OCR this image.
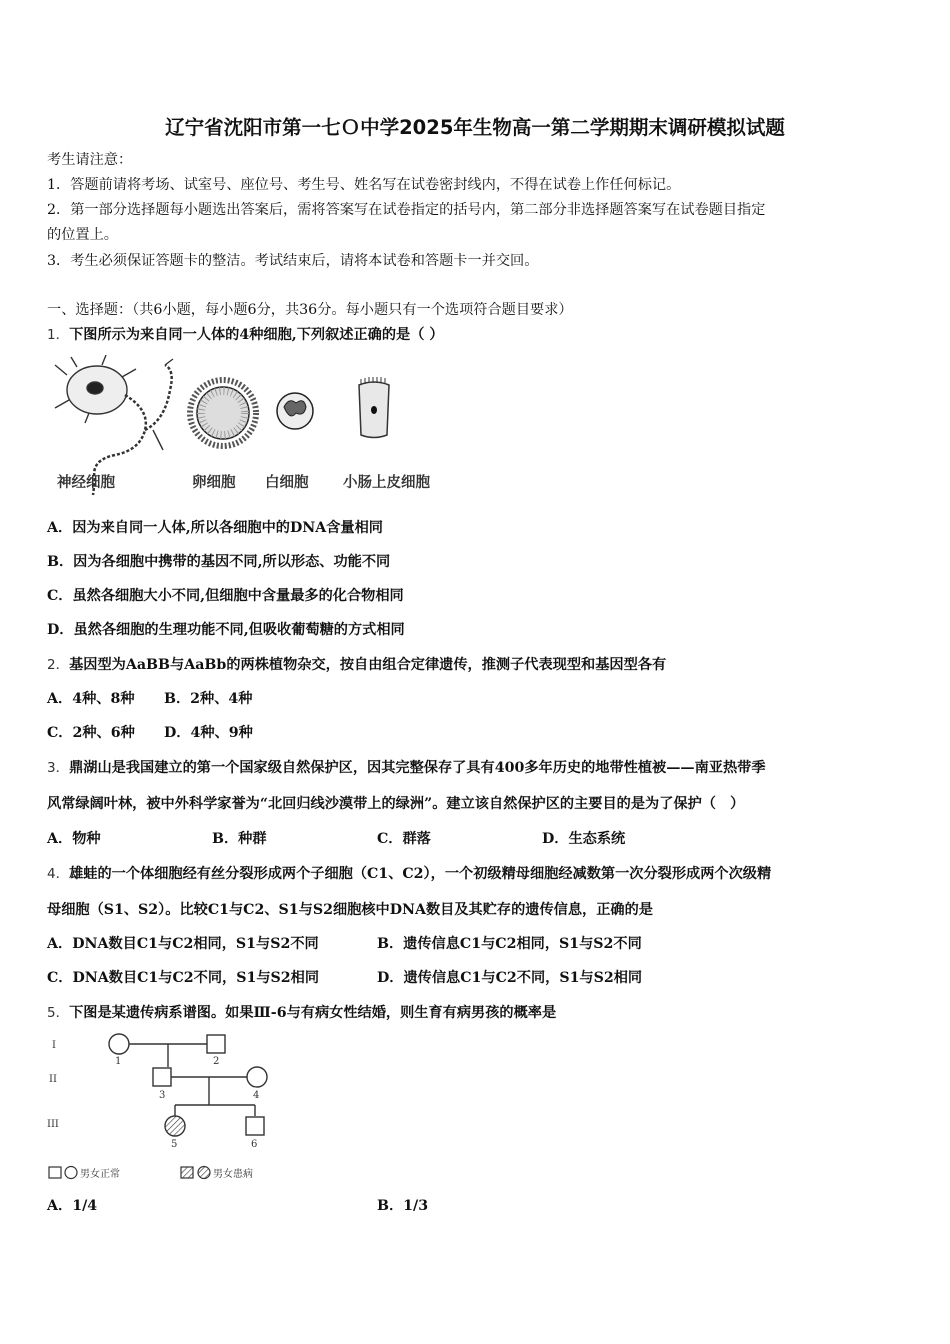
辽宁省沈阳市第一七Ｏ中学2025年生物高一第二学期期末调研模拟试题
考生请注意：
1．答题前请将考场、试室号、座位号、考生号、姓名写在试卷密封线内，不得在试卷上作任何标记。
2．第一部分选择题每小题选出答案后，需将答案写在试卷指定的括号内，第二部分非选择题答案写在试卷题目指定
的位置上。
3．考生必须保证答题卡的整洁。考试结束后，请将本试卷和答题卡一并交回。
一、选择题：（共6小题，每小题6分，共36分。每小题只有一个选项符合题目要求）
1．下图所示为来自同一人体的4种细胞,下列叙述正确的是（ ）
神经细胞	卵细胞 白细胞 小肠上皮细胞
A．因为来自同一人体,所以各细胞中的DNA含量相同
B．因为各细胞中携带的基因不同,所以形态、功能不同
C．虽然各细胞大小不同,但细胞中含量最多的化合物相同
D．虽然各细胞的生理功能不同,但吸收葡萄糖的方式相同
2．基因型为AaBB与AaBb的两株植物杂交，按自由组合定律遗传，推测子代表现型和基因型各有
A．4种、8种 B．2种、4种
C．2种、6种 D．4种、9种
3．鼎湖山是我国建立的第一个国家级自然保护区，因其完整保存了具有400多年历史的地带性植被——南亚热带季
风常绿阔叶林，被中外科学家誉为“北回归线沙漠带上的绿洲”。建立该自然保护区的主要目的是为了保护（　）
A．物种	B．种群	C．群落	D．生态系统
4．雄蛙的一个体细胞经有丝分裂形成两个子细胞（C1、C2），一个初级精母细胞经减数第一次分裂形成两个次级精
母细胞（S1、S2）。比较C1与C2、S1与S2细胞核中DNA数目及其贮存的遗传信息，正确的是
A．DNA数目C1与C2相同，S1与S2不同	B．遗传信息C1与C2相同，S1与S2不同
C．DNA数目C1与C2不同，S1与S2相同	D．遗传信息C1与C2不同，S1与S2相同
5．下图是某遗传病系谱图。如果Ⅲ-6与有病女性结婚，则生育有病男孩的概率是
I
II
III
1	2
3	4
5	6
男女正常	男女患病
A．1/4	B．1/3
